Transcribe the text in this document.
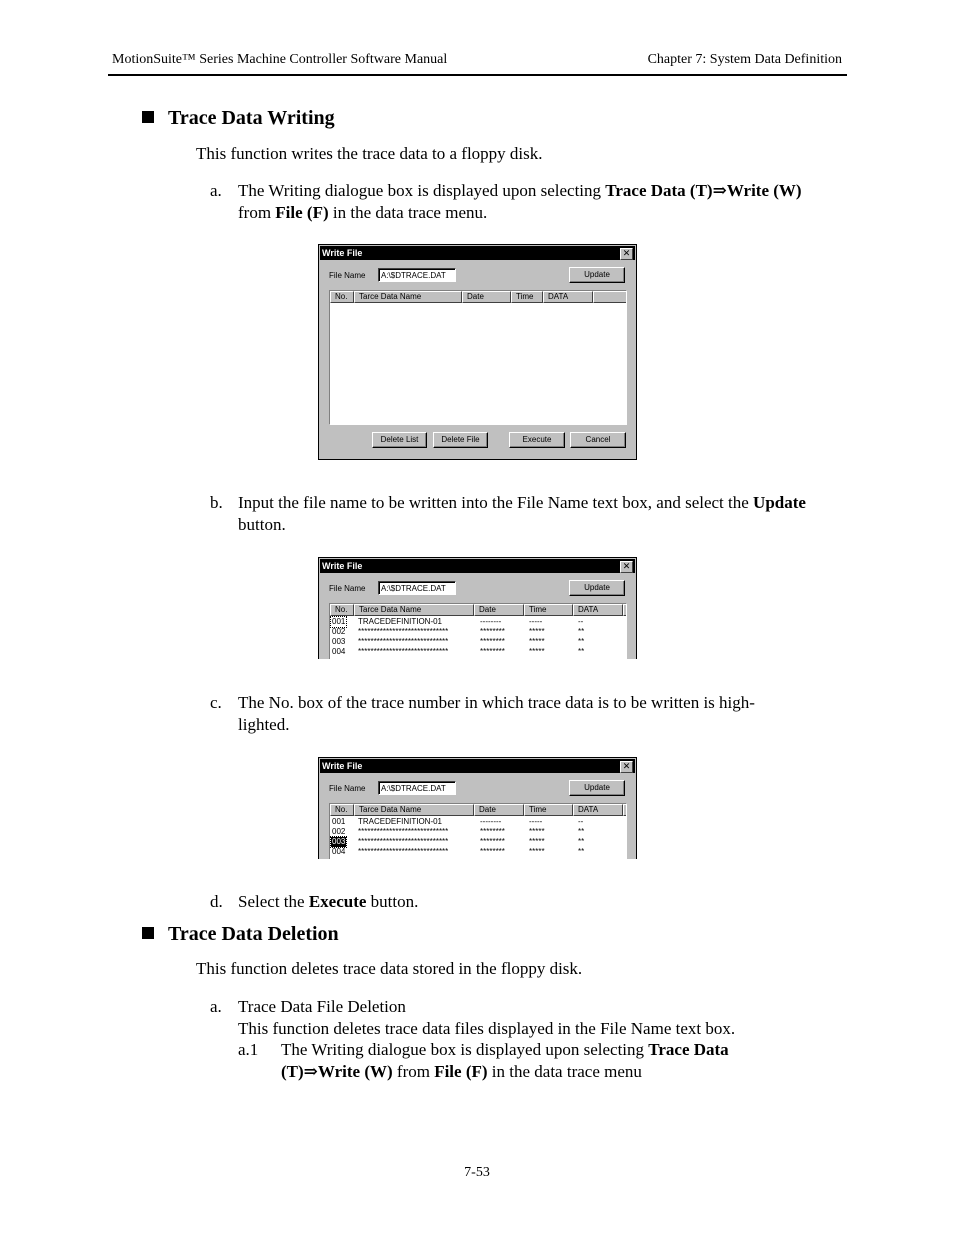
MotionSuite™ Series Machine Controller Software Manual	Chapter 7: System Data Definition
Trace Data Writing
This function writes the trace data to a floppy disk.
a. The Writing dialogue box is displayed upon selecting Trace Data (T)⇒Write (W) from File (F) in the data trace menu.
Write File	✕
File Name	A:\$DTRACE.DAT	Update
No.	Tarce Data Name	Date	Time	DATA
Delete List	Delete File	Execute	Cancel
b. Input the file name to be written into the File Name text box, and select the Update button.
Write File	✕
File Name	A:\$DTRACE.DAT	Update
No.	Tarce Data Name	Date	Time	DATA
001 TRACEDEFINITION-01	--------	-----	--
002 *****************************	********	*****	**
003 *****************************	********	*****	**
004 *****************************	********	*****	**
c. The No. box of the trace number in which trace data is to be written is high-
lighted.
Write File	✕
File Name	A:\$DTRACE.DAT	Update
No.	Tarce Data Name	Date	Time	DATA
001 TRACEDEFINITION-01	--------	-----	--
002 *****************************	********	*****	**
003 *****************************	********	*****	**
004 *****************************	********	*****	**
d. Select the Execute button.
Trace Data Deletion
This function deletes trace data stored in the floppy disk.
a. Trace Data File Deletion
This function deletes trace data files displayed in the File Name text box.
a.1 The Writing dialogue box is displayed upon selecting Trace Data (T)⇒Write (W) from File (F) in the data trace menu
7-53
